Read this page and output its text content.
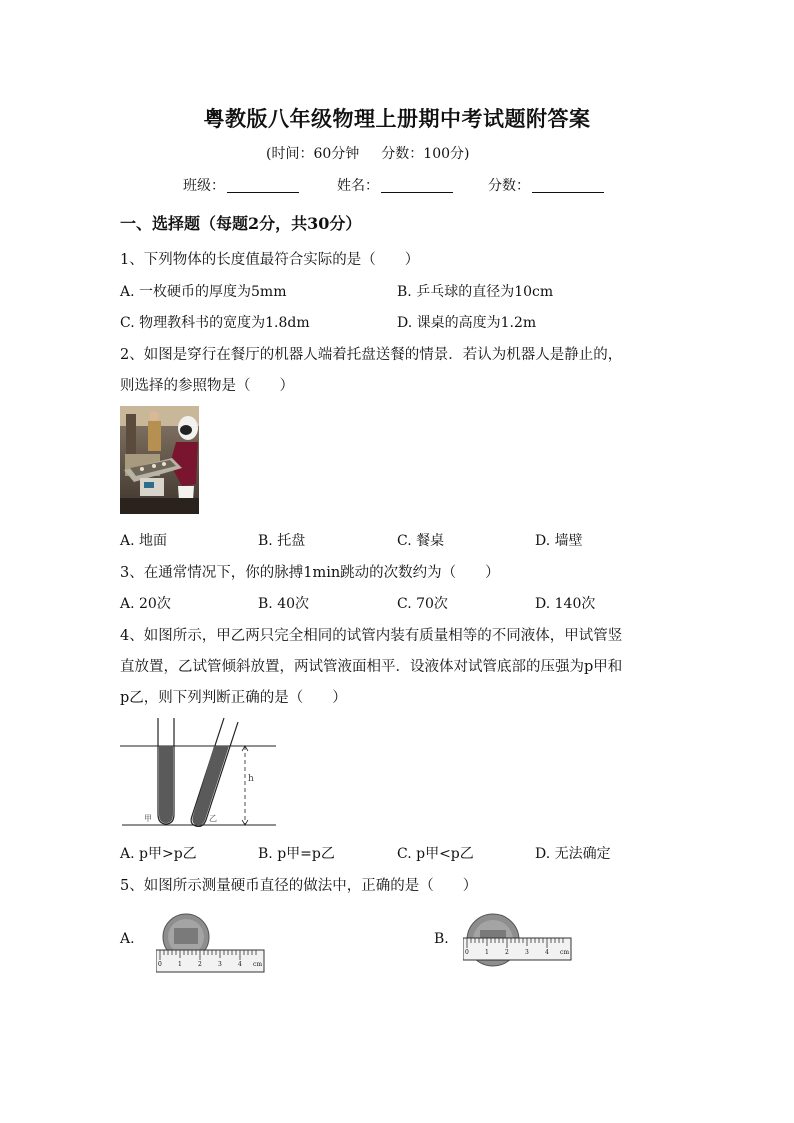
粤教版八年级物理上册期中考试题附答案
(时间：60分钟 分数：100分)
班级：	姓名：	分数：
一、选择题（每题2分，共30分）
1、下列物体的长度值最符合实际的是（　　）
A. 一枚硬币的厚度为5mm	B. 乒乓球的直径为10cm
C. 物理教科书的宽度为1.8dm	D. 课桌的高度为1.2m
2、如图是穿行在餐厅的机器人端着托盘送餐的情景．若认为机器人是静止的，
则选择的参照物是（　　）
A. 地面	B. 托盘	C. 餐桌	D. 墙壁
3、在通常情况下，你的脉搏1min跳动的次数约为（　　）
A. 20次	B. 40次	C. 70次	D. 140次
4、如图所示，甲乙两只完全相同的试管内装有质量相等的不同液体，甲试管竖
直放置，乙试管倾斜放置，两试管液面相平．设液体对试管底部的压强为p甲和
p乙，则下列判断正确的是（　　）
h
甲	乙
A. p甲>p乙	B. p甲=p乙	C. p甲<p乙	D. 无法确定
5、如图所示测量硬币直径的做法中，正确的是（　　）
A.	B.
0	1	2	3	4 cm
0	1	2	3	4 cm
